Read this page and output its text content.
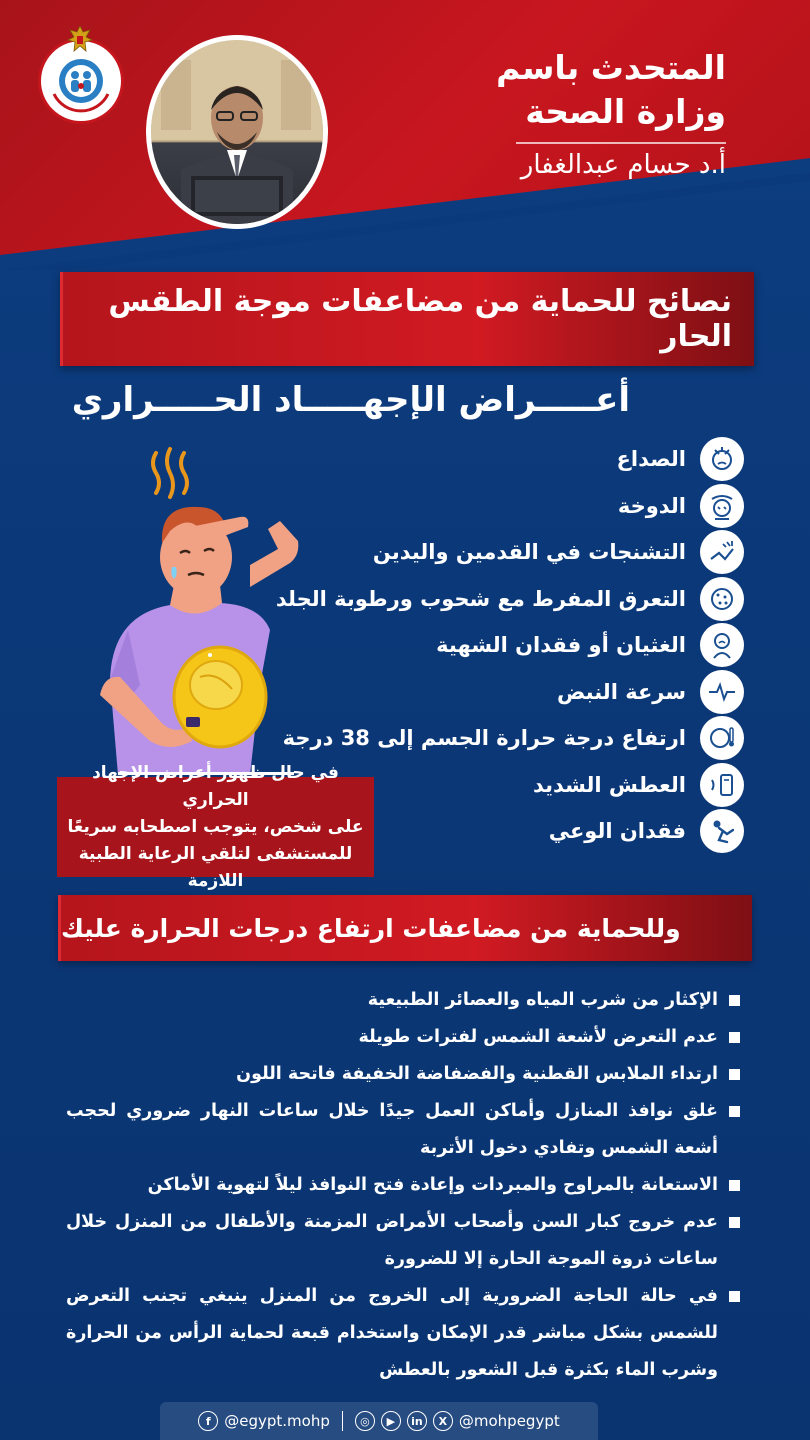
المتحدث باسم
وزارة الصحة
أ.د حسام عبدالغفار
نصائح للحماية من مضاعفات موجة الطقس الحار
أعـــــراض الإجهـــــاد الحـــــراري
الصداع
الدوخة
التشنجات في القدمين واليدين
التعرق المفرط مع شحوب ورطوبة الجلد
الغثيان أو فقدان الشهية
سرعة النبض
ارتفاع درجة حرارة الجسم إلى 38 درجة
العطش الشديد
فقدان الوعي
في حال ظهور أعراض الإجهاد الحراري
على شخص، يتوجب اصطحابه سريعًا
للمستشفى لتلقي الرعاية الطبية اللازمة
وللحماية من مضاعفات ارتفاع درجات الحرارة عليك
الإكثار من شرب المياه والعصائر الطبيعية
عدم التعرض لأشعة الشمس لفترات طويلة
ارتداء الملابس القطنية والفضفاضة الخفيفة فاتحة اللون
غلق نوافذ المنازل وأماكن العمل جيدًا خلال ساعات النهار ضروري لحجب أشعة الشمس وتفادي دخول الأتربة
الاستعانة بالمراوح والمبردات وإعادة فتح النوافذ ليلاً لتهوية الأماكن
عدم خروج كبار السن وأصحاب الأمراض المزمنة والأطفال من المنزل خلال ساعات ذروة الموجة الحارة إلا للضرورة
في حالة الحاجة الضرورية إلى الخروج من المنزل ينبغي تجنب التعرض للشمس بشكل مباشر قدر الإمكان واستخدام قبعة لحماية الرأس من الحرارة وشرب الماء بكثرة قبل الشعور بالعطش
f @egypt.mohp	◎	▶	in	X @mohpegypt
